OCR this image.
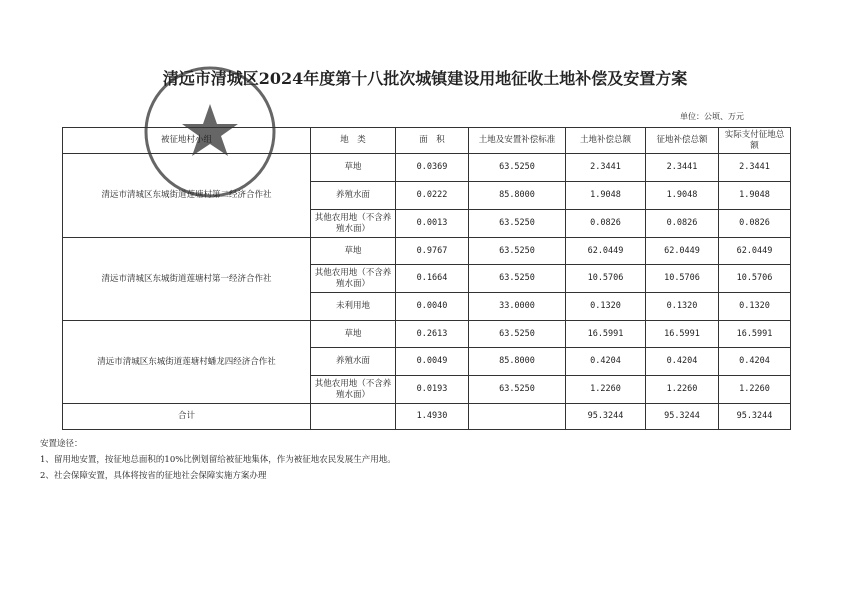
清远市清城区2024年度第十八批次城镇建设用地征收土地补偿及安置方案
单位：公顷、万元
被征地村小组	地　类	面　积	土地及安置补偿标准	土地补偿总额	征地补偿总额	实际支付征地总额
清远市清城区东城街道莲塘村第二经济合作社	草地	0.0369	63.5250	2.3441	2.3441	2.3441
	养殖水面	0.0222	85.8000	1.9048	1.9048	1.9048
	其他农用地（不含养殖水面）	0.0013	63.5250	0.0826	0.0826	0.0826
清远市清城区东城街道莲塘村第一经济合作社	草地	0.9767	63.5250	62.0449	62.0449	62.0449
	其他农用地（不含养殖水面）	0.1664	63.5250	10.5706	10.5706	10.5706
	未利用地	0.0040	33.0000	0.1320	0.1320	0.1320
清远市清城区东城街道莲塘村蟠龙四经济合作社	草地	0.2613	63.5250	16.5991	16.5991	16.5991
	养殖水面	0.0049	85.8000	0.4204	0.4204	0.4204
	其他农用地（不含养殖水面）	0.0193	63.5250	1.2260	1.2260	1.2260
合计		1.4930		95.3244	95.3244	95.3244
安置途径：
1、留用地安置，按征地总面积的10%比例划留给被征地集体，作为被征地农民发展生产用地。
2、社会保障安置，具体将按省的征地社会保障实施方案办理
